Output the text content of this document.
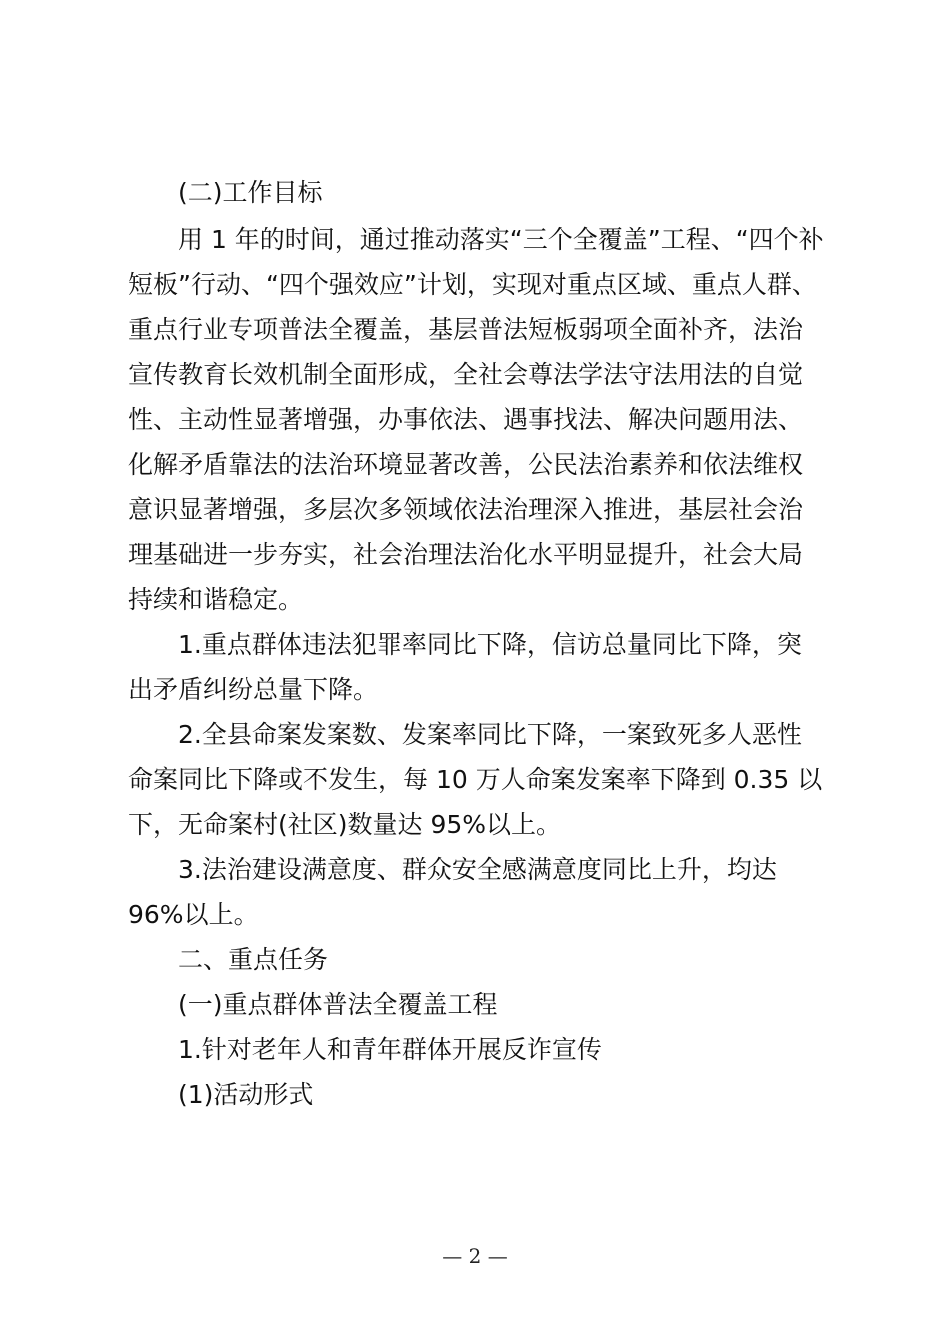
(二)工作目标
用 1 年的时间，通过推动落实“三个全覆盖”工程、“四个补
短板”行动、“四个强效应”计划，实现对重点区域、重点人群、
重点行业专项普法全覆盖，基层普法短板弱项全面补齐，法治
宣传教育长效机制全面形成，全社会尊法学法守法用法的自觉
性、主动性显著增强，办事依法、遇事找法、解决问题用法、
化解矛盾靠法的法治环境显著改善，公民法治素养和依法维权
意识显著增强，多层次多领域依法治理深入推进，基层社会治
理基础进一步夯实，社会治理法治化水平明显提升，社会大局
持续和谐稳定。
1.重点群体违法犯罪率同比下降，信访总量同比下降，突
出矛盾纠纷总量下降。
2.全县命案发案数、发案率同比下降，一案致死多人恶性
命案同比下降或不发生，每 10 万人命案发案率下降到 0.35 以
下，无命案村(社区)数量达 95%以上。
3.法治建设满意度、群众安全感满意度同比上升，均达
96%以上。
二、重点任务
(一)重点群体普法全覆盖工程
1.针对老年人和青年群体开展反诈宣传
(1)活动形式
— 2 —
